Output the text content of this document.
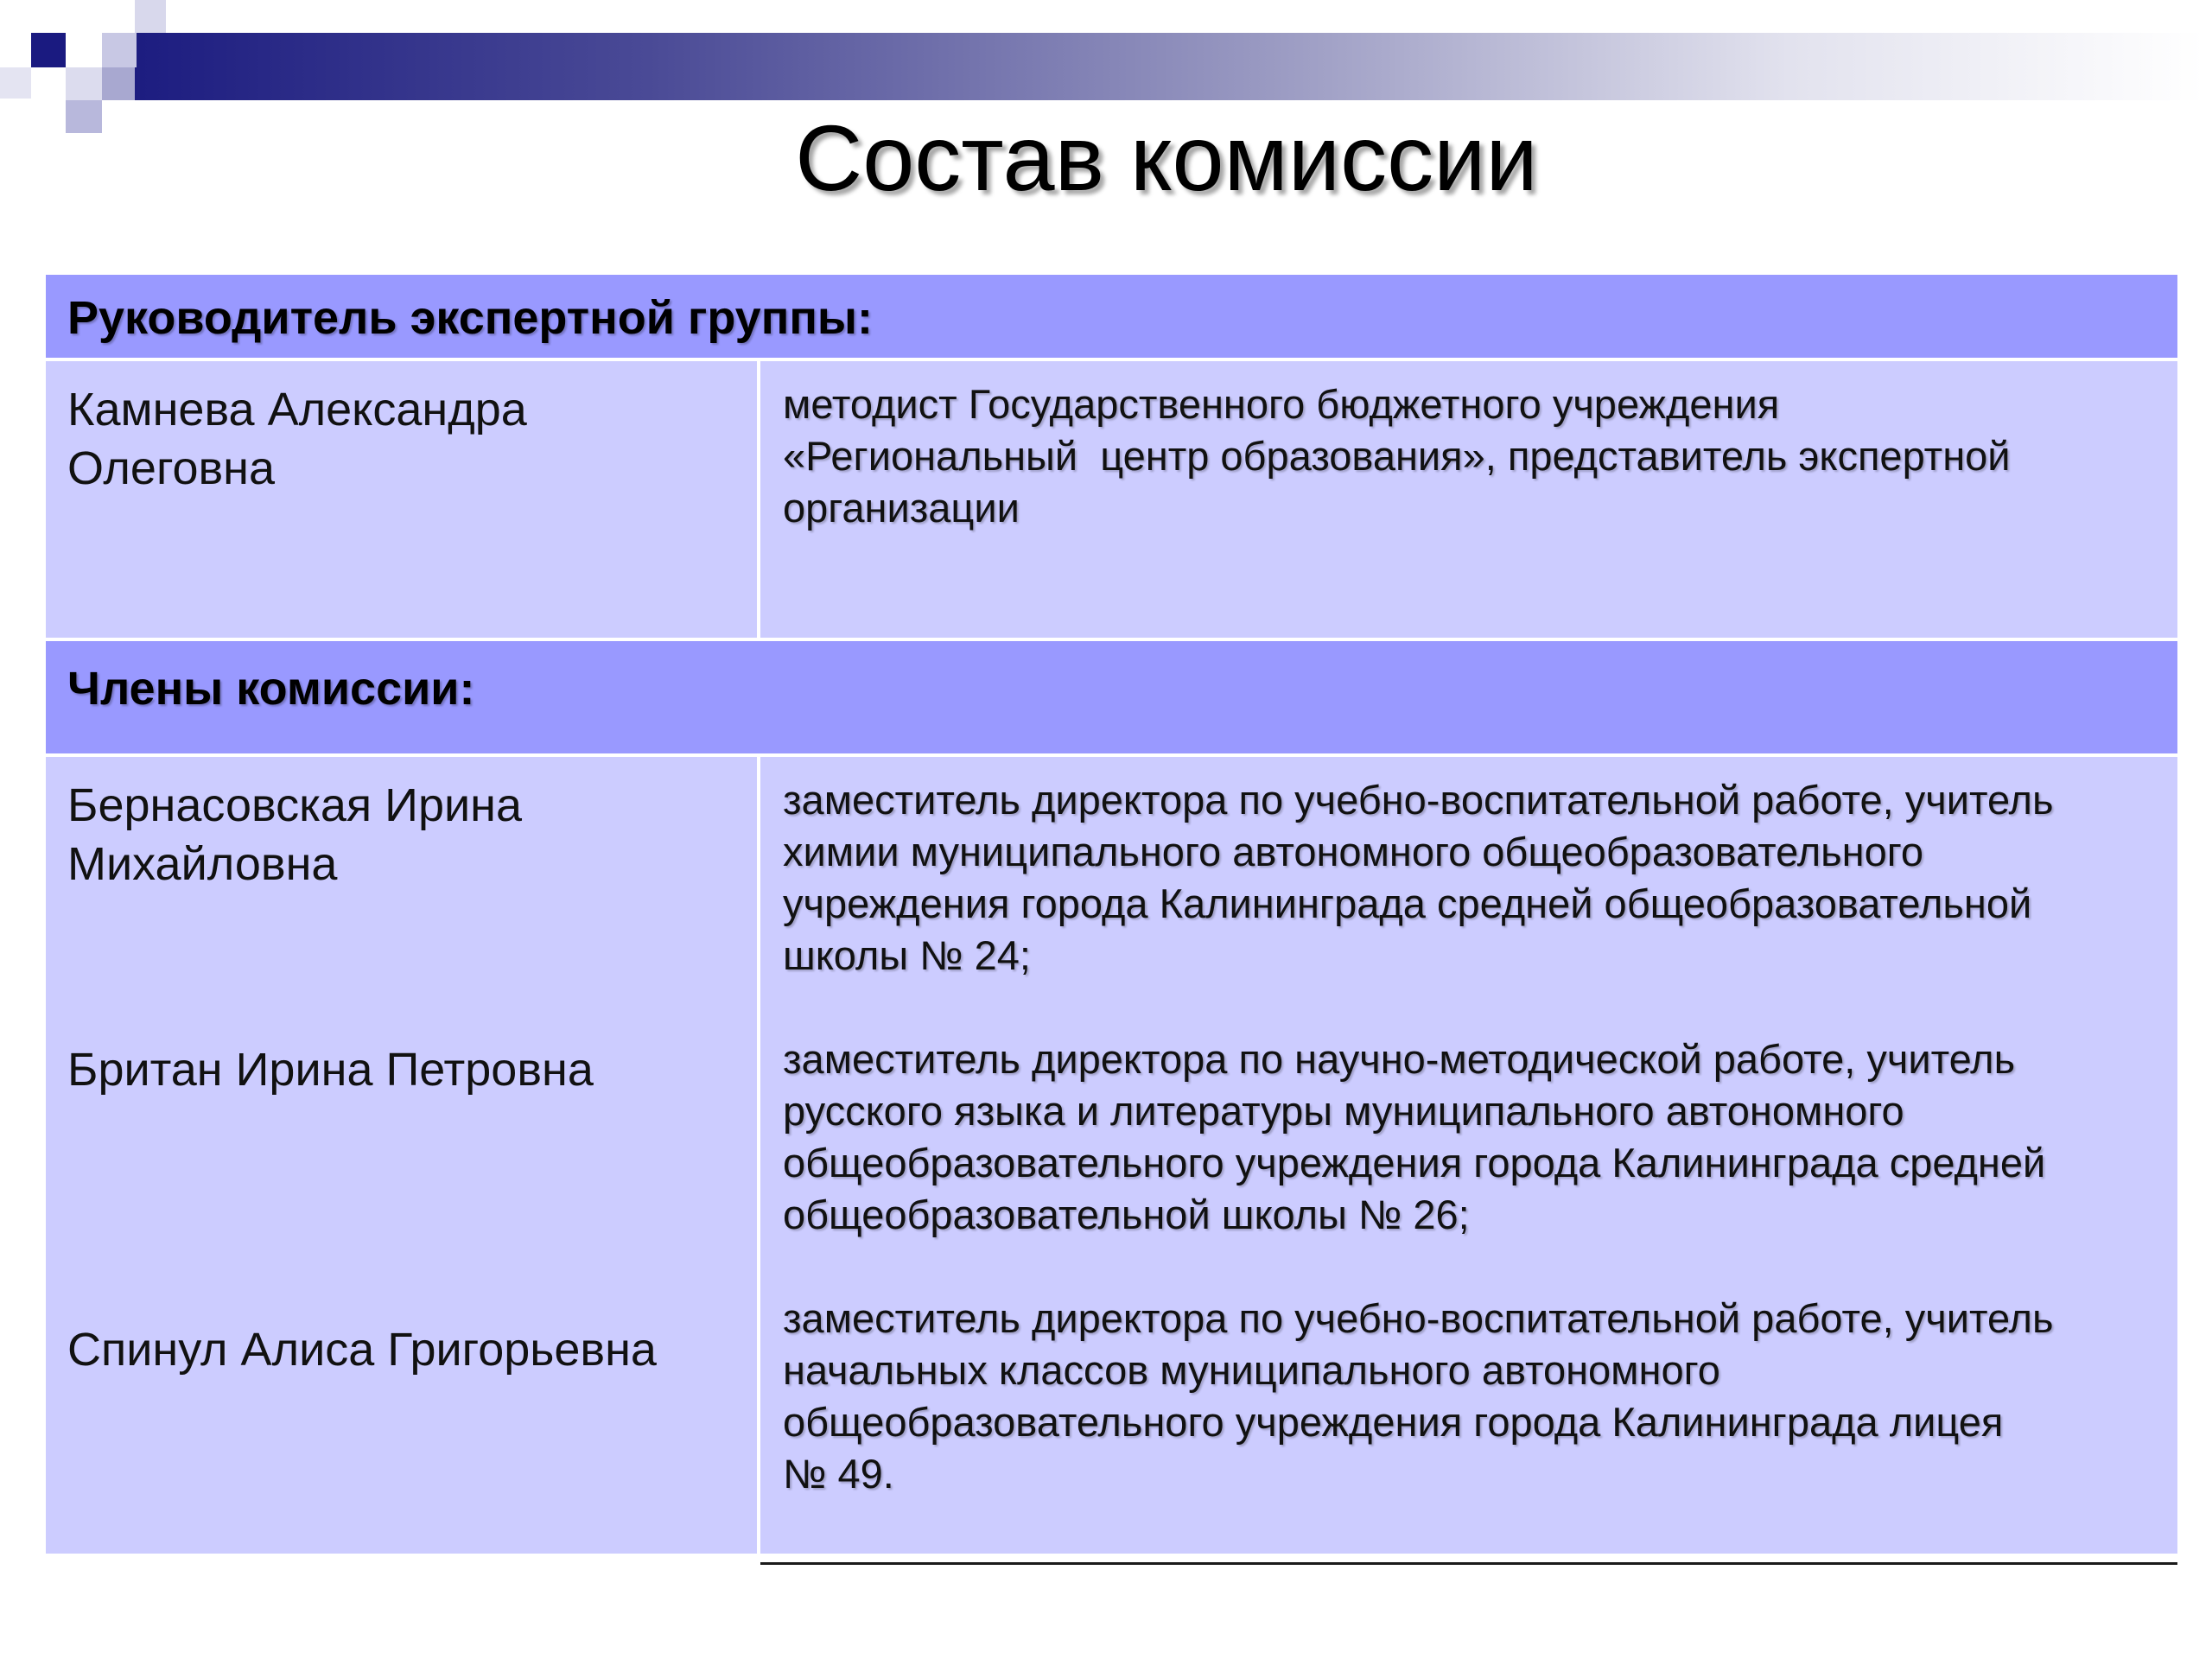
Состав комиссии
Руководитель экспертной группы:
Камнева Александра
Олеговна
методист Государственного бюджетного учреждения
«Региональный  центр образования», представитель экспертной
организации
Члены комиссии:
Бернасовская Ирина
Михайловна
Британ Ирина Петровна
Спинул Алиса Григорьевна
заместитель директора по учебно-воспитательной работе, учитель
химии муниципального автономного общеобразовательного
учреждения города Калининграда средней общеобразовательной
школы № 24;
заместитель директора по научно-методической работе, учитель
русского языка и литературы муниципального автономного
общеобразовательного учреждения города Калининграда средней
общеобразовательной школы № 26;
заместитель директора по учебно-воспитательной работе, учитель
начальных классов муниципального автономного
общеобразовательного учреждения города Калининграда лицея
№ 49.
